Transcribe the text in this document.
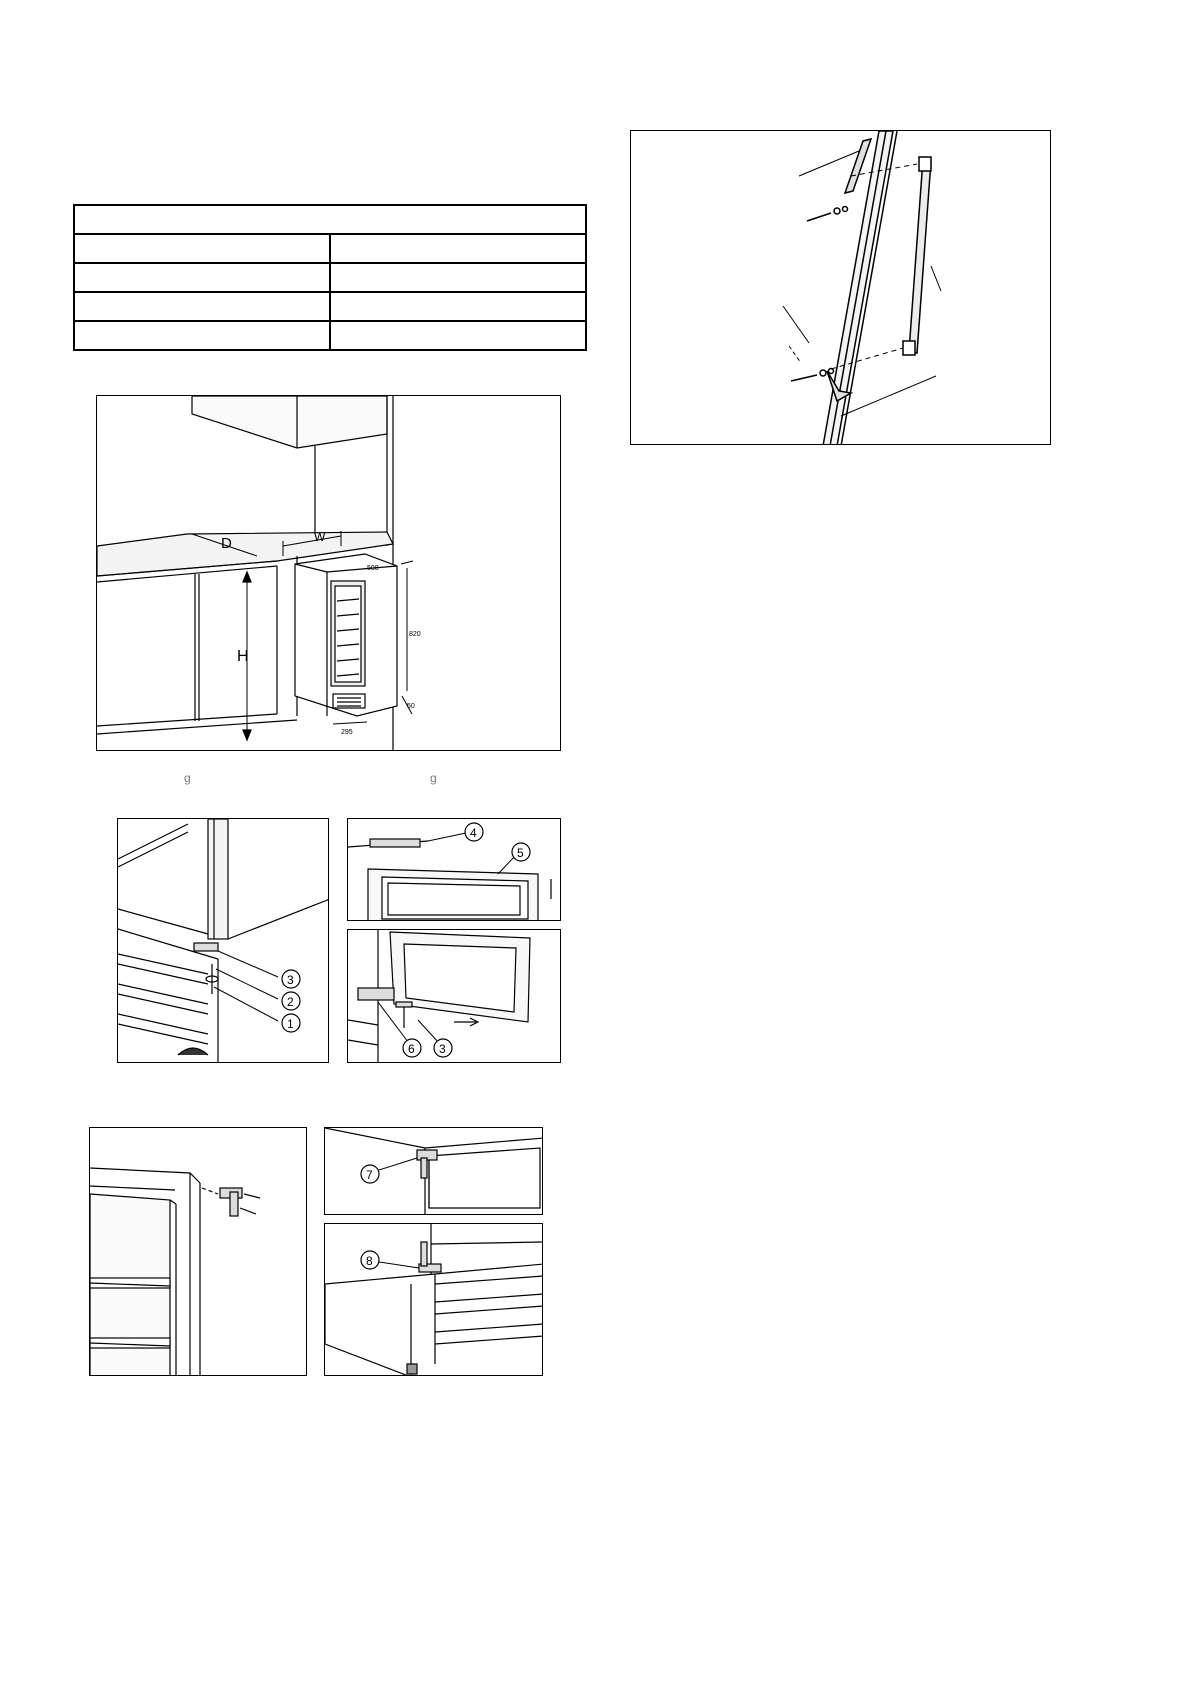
D	W
H
508
820
50
295
g	g
3
2
1
4
5
6 3
7
8
